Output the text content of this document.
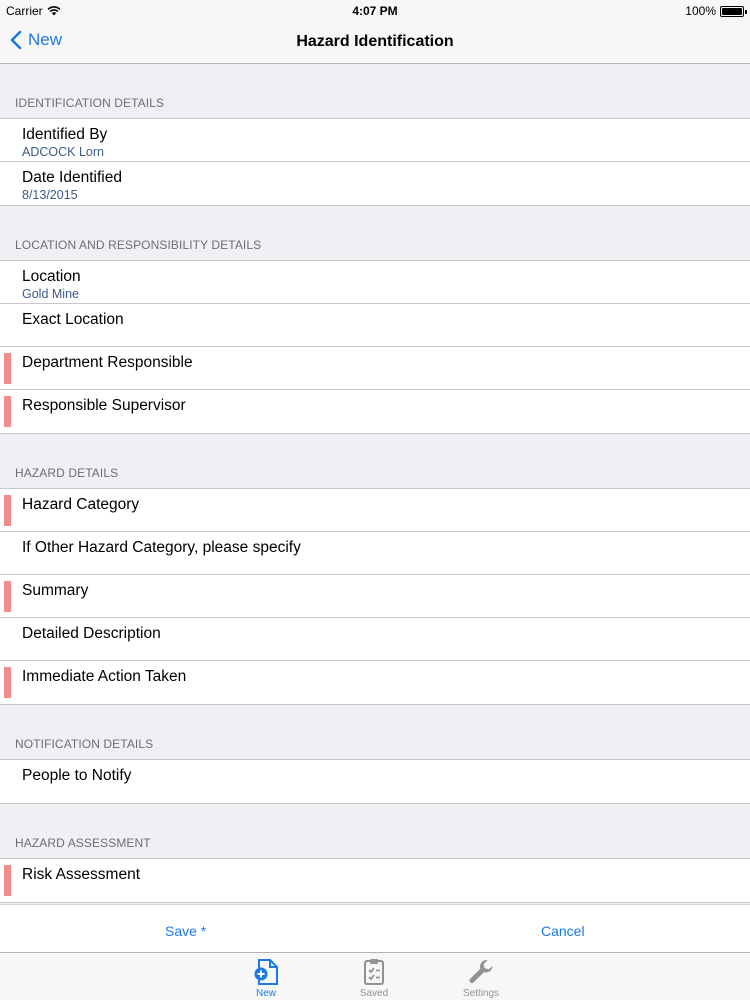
Carrier	4:07 PM	100%
New	Hazard Identification
IDENTIFICATION DETAILS
Identified By
ADCOCK Lorn
Date Identified
8/13/2015
LOCATION AND RESPONSIBILITY DETAILS
Location
Gold Mine
Exact Location
Department Responsible
Responsible Supervisor
HAZARD DETAILS
Hazard Category
If Other Hazard Category, please specify
Summary
Detailed Description
Immediate Action Taken
NOTIFICATION DETAILS
People to Notify
HAZARD ASSESSMENT
Risk Assessment
Save *	Cancel
New	Saved	Settings
